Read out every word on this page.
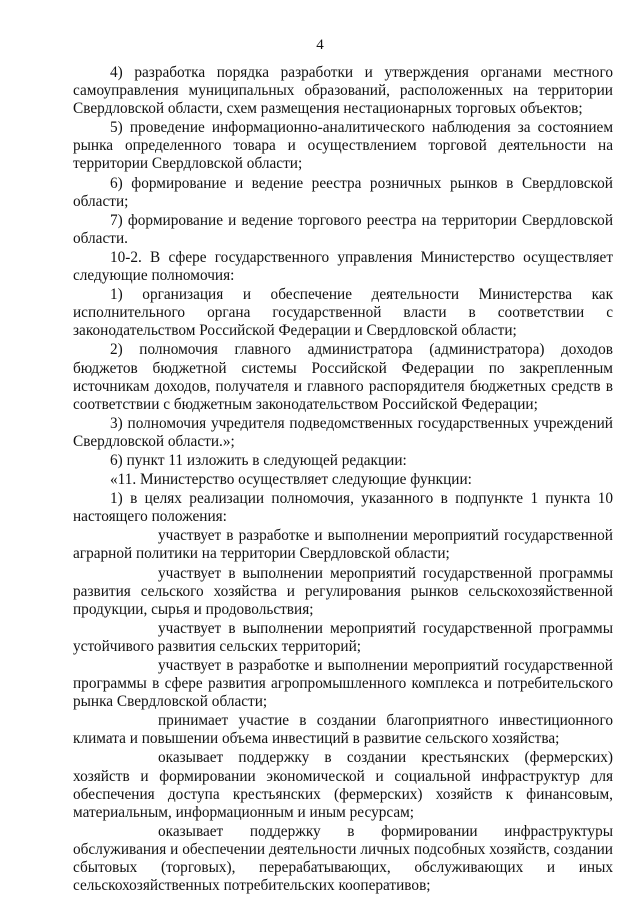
4

4) разработка порядка разработки и утверждения органами местного самоуправления муниципальных образований, расположенных на территории Свердловской области, схем размещения нестационарных торговых объектов;

5) проведение информационно-аналитического наблюдения за состоянием рынка определенного товара и осуществлением торговой деятельности на территории Свердловской области;

6) формирование и ведение реестра розничных рынков в Свердловской области;

7) формирование и ведение торгового реестра на территории Свердловской области.

10-2. В сфере государственного управления Министерство осуществляет следующие полномочия:

1) организация и обеспечение деятельности Министерства как исполнительного органа государственной власти в соответствии с законодательством Российской Федерации и Свердловской области;

2) полномочия главного администратора (администратора) доходов бюджетов бюджетной системы Российской Федерации по закрепленным источникам доходов, получателя и главного распорядителя бюджетных средств в соответствии с бюджетным законодательством Российской Федерации;

3) полномочия учредителя подведомственных государственных учреждений Свердловской области.»;

6) пункт 11 изложить в следующей редакции:

«11. Министерство осуществляет следующие функции:

1) в целях реализации полномочия, указанного в подпункте 1 пункта 10 настоящего положения:

участвует в разработке и выполнении мероприятий государственной аграрной политики на территории Свердловской области;

участвует в выполнении мероприятий государственной программы развития сельского хозяйства и регулирования рынков сельскохозяйственной продукции, сырья и продовольствия;

участвует в выполнении мероприятий государственной программы устойчивого развития сельских территорий;

участвует в разработке и выполнении мероприятий государственной программы в сфере развития агропромышленного комплекса и потребительского рынка Свердловской области;

принимает участие в создании благоприятного инвестиционного климата и повышении объема инвестиций в развитие сельского хозяйства;

оказывает поддержку в создании крестьянских (фермерских) хозяйств и формировании экономической и социальной инфраструктур для обеспечения доступа крестьянских (фермерских) хозяйств к финансовым, материальным, информационным и иным ресурсам;

оказывает поддержку в формировании инфраструктуры обслуживания и обеспечении деятельности личных подсобных хозяйств, создании сбытовых (торговых), перерабатывающих, обслуживающих и иных сельскохозяйственных потребительских кооперативов;
